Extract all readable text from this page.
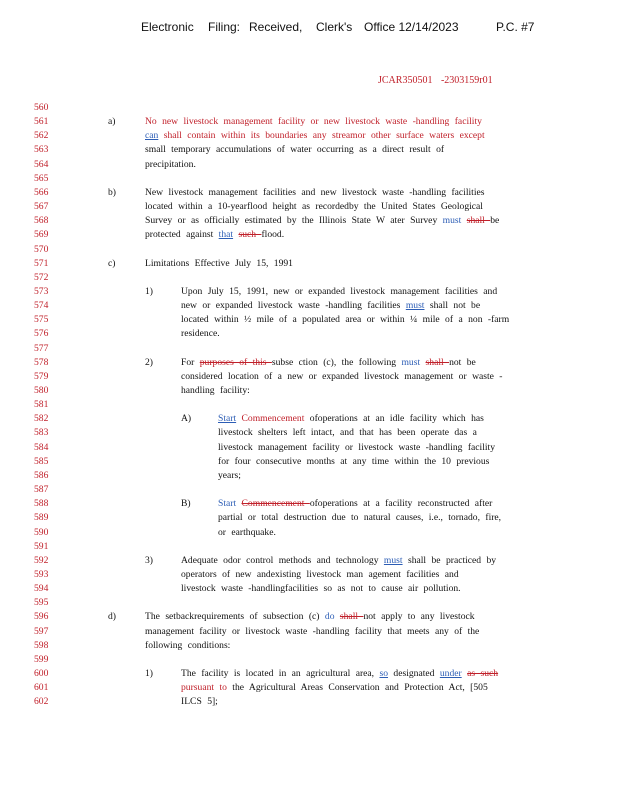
Electronic Filing: Received, Clerk's Office 12/14/2023	P.C. #7
JCAR350501 -2303159r01
560
561	a)	No new livestock management facility or new livestock waste -handling facility
562	can shall contain within its boundaries any streamor other surface waters except
563	small temporary accumulations of water occurring as a direct result of
564	precipitation.
565
566	b)	New livestock management facilities and new livestock waste -handling facilities
567	located within a 10-yearflood height as recordedby the United States Geological
568	Survey or as officially estimated by the Illinois State W ater Survey must shall be
569	protected against that such flood.
570
571	c)	Limitations Effective July 15, 1991
572
573	1)	Upon July 15, 1991, new or expanded livestock management facilities and
574	new or expanded livestock waste -handling facilities must shall not be
575	located within ½ mile of a populated area or within ¼ mile of a non -farm
576	residence.
577
578	2)	For purposes of this subse ction (c), the following must shall not be
579	considered location of a new or expanded livestock management or waste -
580	handling facility:
581
582	A)	Start Commencement ofoperations at an idle facility which has
583	livestock shelters left intact, and that has been operate das a
584	livestock management facility or livestock waste -handling facility
585	for four consecutive months at any time within the 10 previous
586	years;
587
588	B)	Start Commencement ofoperations at a facility reconstructed after
589	partial or total destruction due to natural causes, i.e., tornado, fire,
590	or earthquake.
591
592	3)	Adequate odor control methods and technology must shall be practiced by
593	operators of new andexisting livestock man agement facilities and
594	livestock waste -handlingfacilities so as not to cause air pollution.
595
596	d)	The setbackrequirements of subsection (c) do shall not apply to any livestock
597	management facility or livestock waste -handling facility that meets any of the
598	following conditions:
599
600	1)	The facility is located in an agricultural area, so designated under as such
601	pursuant to the Agricultural Areas Conservation and Protection Act, [505
602	ILCS 5];
